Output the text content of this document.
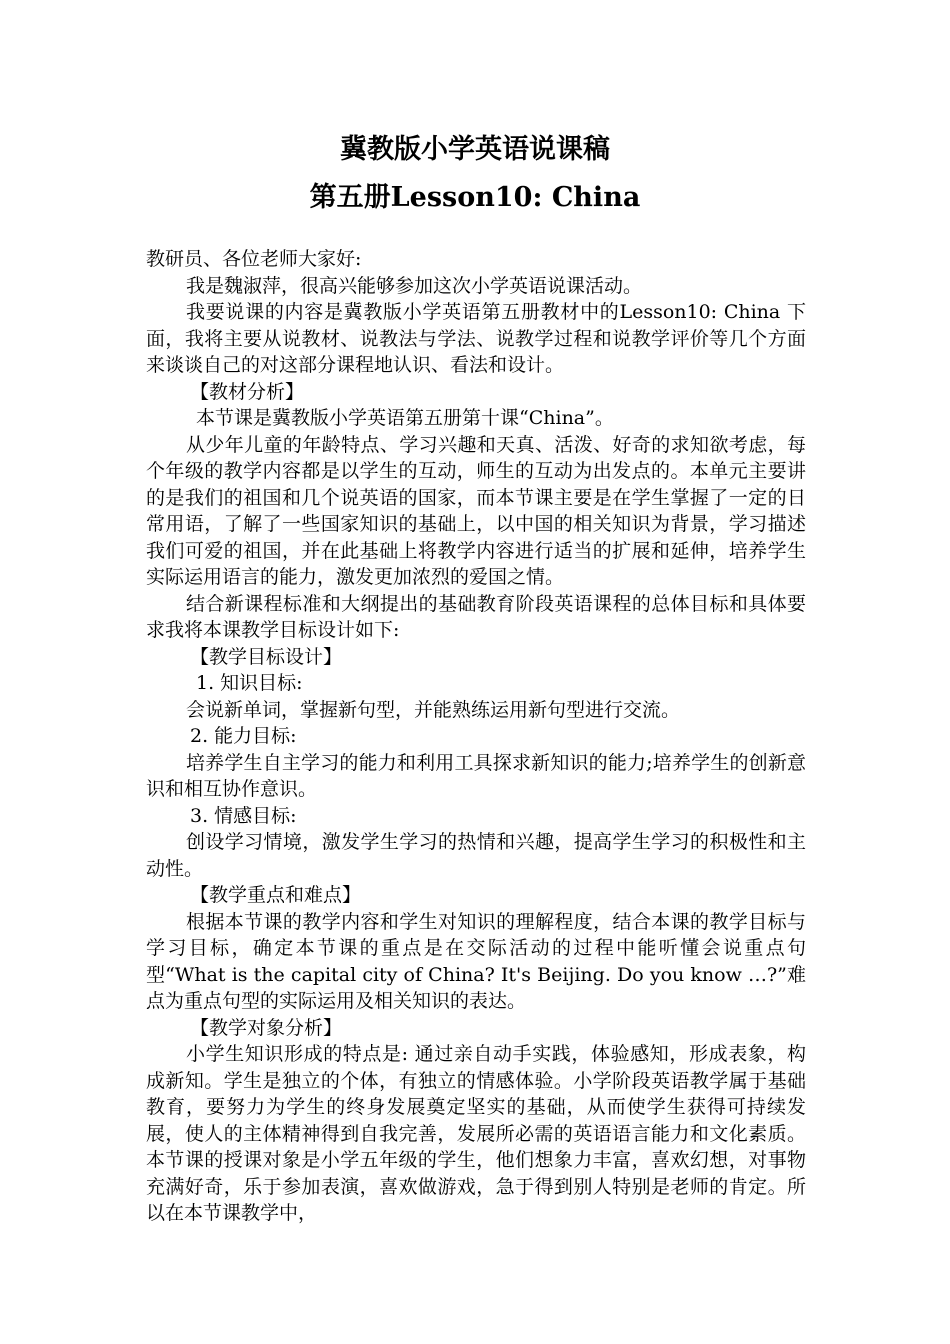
冀教版小学英语说课稿
第五册Lesson10: China

教研员、各位老师大家好:

我是魏淑萍，很高兴能够参加这次小学英语说课活动。

我要说课的内容是冀教版小学英语第五册教材中的Lesson10: China 下面，我将主要从说教材、说教法与学法、说教学过程和说教学评价等几个方面来谈谈自己的对这部分课程地认识、看法和设计。

【教材分析】

本节课是冀教版小学英语第五册第十课“China”。

从少年儿童的年龄特点、学习兴趣和天真、活泼、好奇的求知欲考虑，每个年级的教学内容都是以学生的互动，师生的互动为出发点的。本单元主要讲的是我们的祖国和几个说英语的国家，而本节课主要是在学生掌握了一定的日常用语，了解了一些国家知识的基础上，以中国的相关知识为背景，学习描述我们可爱的祖国，并在此基础上将教学内容进行适当的扩展和延伸，培养学生实际运用语言的能力，激发更加浓烈的爱国之情。

结合新课程标准和大纲提出的基础教育阶段英语课程的总体目标和具体要求我将本课教学目标设计如下:

【教学目标设计】

1. 知识目标:

会说新单词，掌握新句型，并能熟练运用新句型进行交流。

2. 能力目标:

培养学生自主学习的能力和利用工具探求新知识的能力;培养学生的创新意识和相互协作意识。

3. 情感目标:

创设学习情境，激发学生学习的热情和兴趣，提高学生学习的积极性和主动性。

【教学重点和难点】

根据本节课的教学内容和学生对知识的理解程度，结合本课的教学目标与学习目标，确定本节课的重点是在交际活动的过程中能听懂会说重点句型“What is the capital city of China? It's Beijing. Do you know …?”难点为重点句型的实际运用及相关知识的表达。

【教学对象分析】

小学生知识形成的特点是: 通过亲自动手实践，体验感知，形成表象，构成新知。学生是独立的个体，有独立的情感体验。小学阶段英语教学属于基础教育，要努力为学生的终身发展奠定坚实的基础，从而使学生获得可持续发展，使人的主体精神得到自我完善，发展所必需的英语语言能力和文化素质。本节课的授课对象是小学五年级的学生，他们想象力丰富，喜欢幻想，对事物充满好奇，乐于参加表演，喜欢做游戏，急于得到别人特别是老师的肯定。所以在本节课教学中，
